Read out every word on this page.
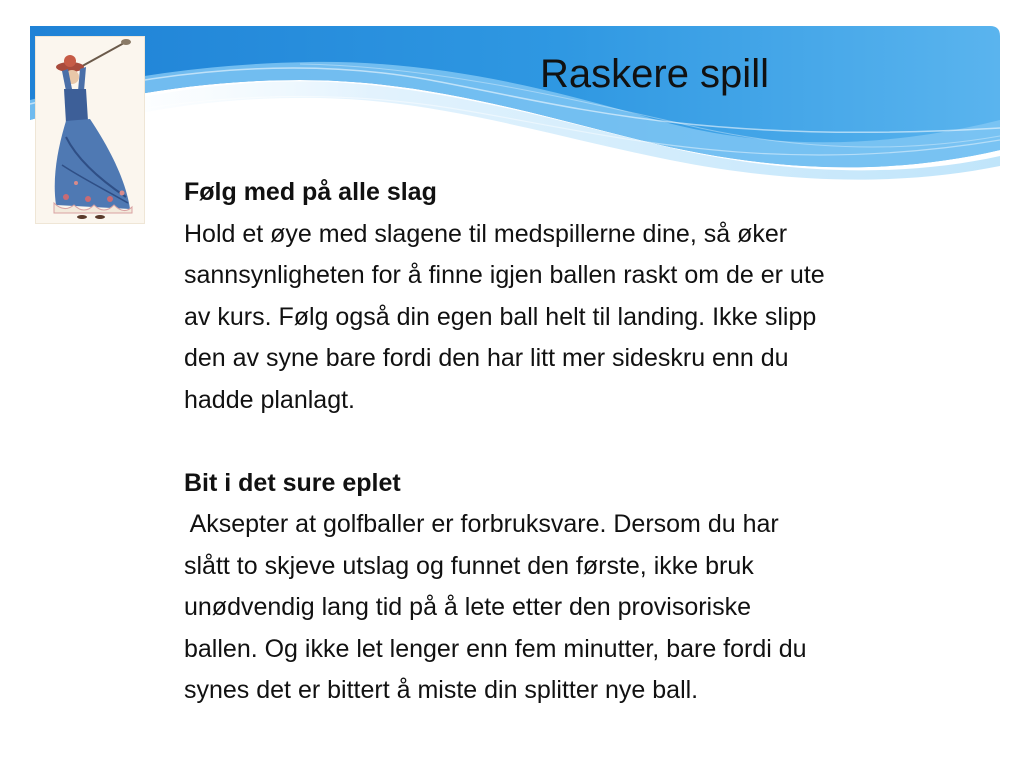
Raskere spill
Følg med på alle slag
Hold et øye med slagene til medspillerne dine, så øker
sannsynligheten for å finne igjen ballen raskt om de er ute
av kurs. Følg også din egen ball helt til landing. Ikke slipp
den av syne bare fordi den har litt mer sideskru enn du
hadde planlagt.
Bit i det sure eplet
Aksepter at golfballer er forbruksvare. Dersom du har
slått to skjeve utslag og funnet den første, ikke bruk
unødvendig lang tid på å lete etter den provisoriske
ballen. Og ikke let lenger enn fem minutter, bare fordi du
synes det er bittert å miste din splitter nye ball.
